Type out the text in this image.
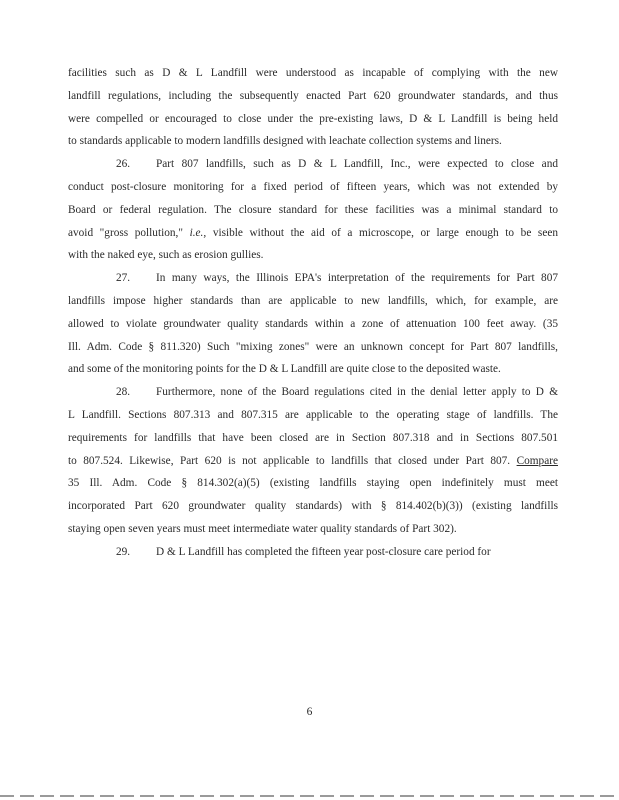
facilities such as D & L Landfill were understood as incapable of complying with the new
landfill regulations, including the subsequently enacted Part 620 groundwater standards, and thus
were compelled or encouraged to close under the pre-existing laws, D & L Landfill is being held
to standards applicable to modern landfills designed with leachate collection systems and liners.
26. Part 807 landfills, such as D & L Landfill, Inc., were expected to close and
conduct post-closure monitoring for a fixed period of fifteen years, which was not extended by
Board or federal regulation. The closure standard for these facilities was a minimal standard to
avoid "gross pollution," i.e., visible without the aid of a microscope, or large enough to be seen
with the naked eye, such as erosion gullies.
27. In many ways, the Illinois EPA's interpretation of the requirements for Part 807
landfills impose higher standards than are applicable to new landfills, which, for example, are
allowed to violate groundwater quality standards within a zone of attenuation 100 feet away. (35
Ill. Adm. Code § 811.320) Such "mixing zones" were an unknown concept for Part 807 landfills,
and some of the monitoring points for the D & L Landfill are quite close to the deposited waste.
28. Furthermore, none of the Board regulations cited in the denial letter apply to D &
L Landfill. Sections 807.313 and 807.315 are applicable to the operating stage of landfills. The
requirements for landfills that have been closed are in Section 807.318 and in Sections 807.501
to 807.524. Likewise, Part 620 is not applicable to landfills that closed under Part 807. Compare
35 Ill. Adm. Code § 814.302(a)(5) (existing landfills staying open indefinitely must meet
incorporated Part 620 groundwater quality standards) with § 814.402(b)(3)) (existing landfills
staying open seven years must meet intermediate water quality standards of Part 302).
29. D & L Landfill has completed the fifteen year post-closure care period for
6
